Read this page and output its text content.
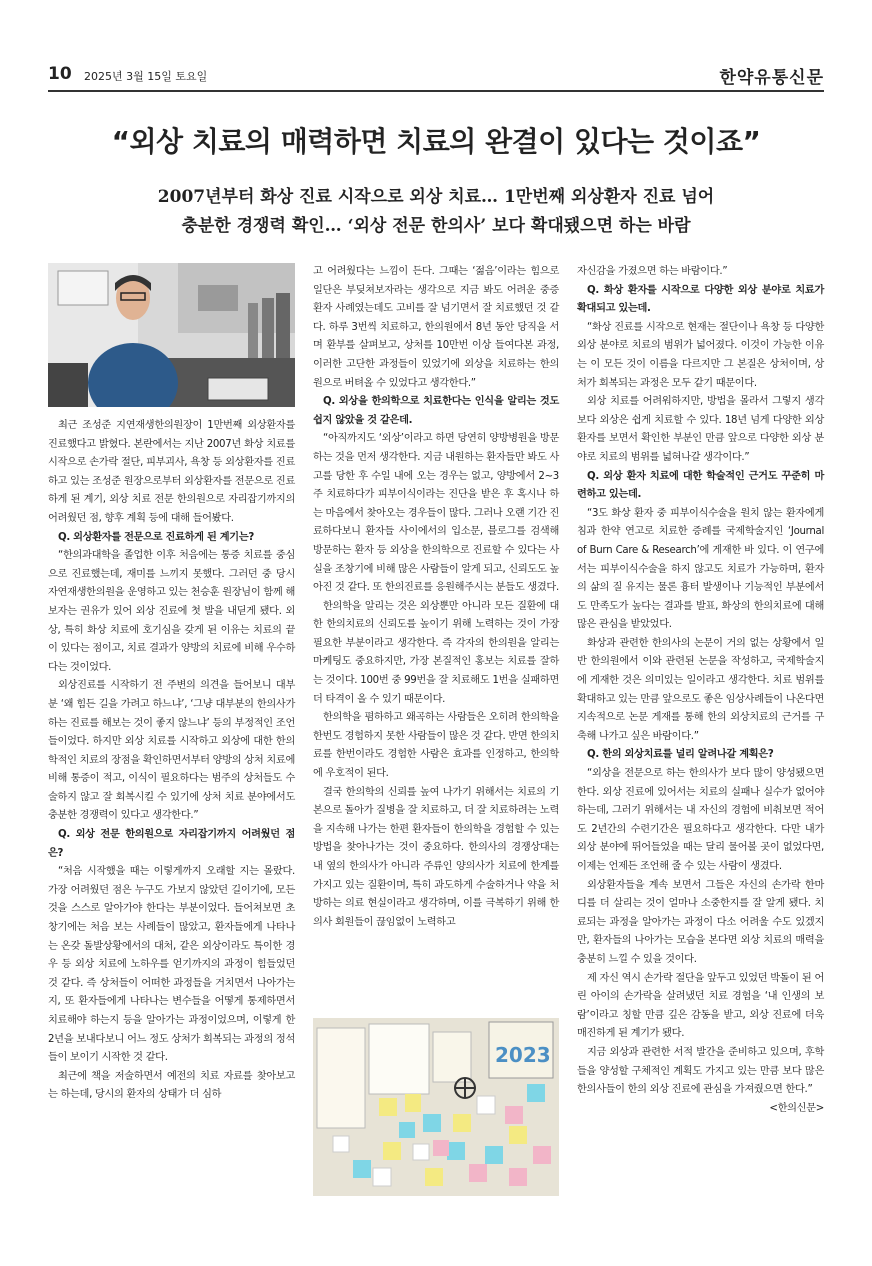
10 2025년 3월 15일 토요일	한약유통신문
“외상 치료의 매력하면 치료의 완결이 있다는 것이죠”
2007년부터 화상 진료 시작으로 외상 치료… 1만번째 외상환자 진료 넘어
충분한 경쟁력 확인… ‘외상 전문 한의사’ 보다 확대됐으면 하는 바람
2023

최근 조성준 지연재생한의원장이 1만번째 외상환자를 진료했다고 밝혔다. 본란에서는 지난 2007년 화상 치료를 시작으로 손가락 절단, 피부괴사, 욕창 등 외상환자를 진료하고 있는 조성준 원장으로부터 외상환자를 전문으로 진료하게 된 계기, 외상 치료 전문 한의원으로 자리잡기까지의 어려웠던 점, 향후 계획 등에 대해 들어봤다.

Q. 외상환자를 전문으로 진료하게 된 계기는?

“한의과대학을 졸업한 이후 처음에는 통증 치료를 중심으로 진료했는데, 재미를 느끼지 못했다. 그러던 중 당시 자연재생한의원을 운영하고 있는 천승훈 원장님이 함께 해보자는 권유가 있어 외상 진료에 첫 발을 내딛게 됐다. 외상, 특히 화상 치료에 호기심을 갖게 된 이유는 치료의 끝이 있다는 점이고, 치료 결과가 양방의 치료에 비해 우수하다는 것이었다.

외상진료를 시작하기 전 주변의 의견을 들어보니 대부분 ‘왜 힘든 길을 가려고 하느냐’, ‘그냥 대부분의 한의사가 하는 진료를 해보는 것이 좋지 않느냐’ 등의 부정적인 조언들이었다. 하지만 외상 치료를 시작하고 외상에 대한 한의학적인 치료의 장점을 확인하면서부터 양방의 상처 치료에 비해 통증이 적고, 이식이 필요하다는 범주의 상처들도 수술하지 않고 잘 회복시킬 수 있기에 상처 치료 분야에서도 충분한 경쟁력이 있다고 생각한다.”

Q. 외상 전문 한의원으로 자리잡기까지 어려웠던 점은?

“처음 시작했을 때는 이렇게까지 오래할 지는 몰랐다. 가장 어려웠던 점은 누구도 가보지 않았던 길이기에, 모든 것을 스스로 알아가야 한다는 부분이었다. 들어쳐보면 초창기에는 처음 보는 사례들이 많았고, 환자들에게 나타나는 온갖 돌발상황에서의 대처, 같은 외상이라도 특이한 경우 등 외상 치료에 노하우를 얻기까지의 과정이 힘들었던 것 같다. 즉 상처들이 어떠한 과정들을 거치면서 나아가는지, 또 환자들에게 나타나는 변수들을 어떻게 통제하면서 치료해야 하는지 등을 알아가는 과정이었으며, 이렇게 한 2년을 보내다보니 어느 정도 상처가 회복되는 과정의 정석들이 보이기 시작한 것 같다.

최근에 책을 저술하면서 예전의 치료 자료를 찾아보고는 하는데, 당시의 환자의 상태가 더 심하

고 어려웠다는 느낌이 든다. 그때는 ‘젊음’이라는 힘으로 일단은 부딪쳐보자라는 생각으로 지금 봐도 어려운 중증 환자 사례였는데도 고비를 잘 넘기면서 잘 치료했던 것 같다. 하루 3번씩 치료하고, 한의원에서 8년 동안 당직을 서며 환부를 살펴보고, 상처를 10만번 이상 들여다본 과정, 이러한 고단한 과정들이 있었기에 외상을 치료하는 한의원으로 버텨올 수 있었다고 생각한다.”

Q. 외상을 한의학으로 치료한다는 인식을 알리는 것도 쉽지 않았을 것 같은데.

“아직까지도 ‘외상’이라고 하면 당연히 양방병원을 방문하는 것을 먼저 생각한다. 지금 내원하는 환자들만 봐도 사고를 당한 후 수일 내에 오는 경우는 없고, 양방에서 2~3주 치료하다가 피부이식이라는 진단을 받은 후 혹시나 하는 마음에서 찾아오는 경우들이 많다. 그러나 오랜 기간 진료하다보니 환자들 사이에서의 입소문, 블로그를 검색해 방문하는 환자 등 외상을 한의학으로 진료할 수 있다는 사실을 조창기에 비해 많은 사람들이 알게 되고, 신뢰도도 높아진 것 같다. 또 한의진료를 응원해주시는 분들도 생겼다.

한의학을 알리는 것은 외상뿐만 아니라 모든 질환에 대한 한의치료의 신뢰도를 높이기 위해 노력하는 것이 가장 필요한 부분이라고 생각한다. 즉 각자의 한의원을 알리는 마케팅도 중요하지만, 가장 본질적인 홍보는 치료를 잘하는 것이다. 100번 중 99번을 잘 치료해도 1번을 실패하면 더 타격이 올 수 있기 때문이다.

한의학을 폄하하고 왜곡하는 사람들은 오히려 한의학을 한번도 경험하지 못한 사람들이 많은 것 같다. 반면 한의치료를 한번이라도 경험한 사람은 효과를 인정하고, 한의학에 우호적이 된다.

결국 한의학의 신뢰를 높여 나가기 위해서는 치료의 기본으로 돌아가 질병을 잘 치료하고, 더 잘 치료하려는 노력을 지속해 나가는 한편 환자들이 한의학을 경험할 수 있는 방법을 찾아나가는 것이 중요하다. 한의사의 경쟁상대는 내 옆의 한의사가 아니라 주류인 양의사가 치료에 한계를 가지고 있는 질환이며, 특히 과도하게 수술하거나 약을 처방하는 의료 현실이라고 생각하며, 이를 극복하기 위해 한의사 회원들이 끊임없이 노력하고

자신감을 가졌으면 하는 바람이다.”

Q. 화상 환자를 시작으로 다양한 외상 분야로 치료가 확대되고 있는데.

“화상 진료를 시작으로 현재는 절단이나 욕창 등 다양한 외상 분야로 치료의 범위가 넓어졌다. 이것이 가능한 이유는 이 모든 것이 이름을 다르지만 그 본질은 상처이며, 상처가 회복되는 과정은 모두 같기 때문이다.

외상 치료를 어려워하지만, 방법을 몰라서 그렇지 생각보다 외상은 쉽게 치료할 수 있다. 18년 넘게 다양한 외상환자를 보면서 확인한 부분인 만큼 앞으로 다양한 외상 분야로 치료의 범위를 넓혀나갈 생각이다.”

Q. 외상 환자 치료에 대한 학술적인 근거도 꾸준히 마련하고 있는데.

“3도 화상 환자 중 피부이식수술을 원치 않는 환자에게 침과 한약 연고로 치료한 증례를 국제학술지인 ‘Journal of Burn Care & Research’에 게재한 바 있다. 이 연구에서는 피부이식수술을 하지 않고도 치료가 가능하며, 환자의 삶의 질 유지는 물론 흉터 발생이나 기능적인 부분에서도 만족도가 높다는 결과를 발표, 화상의 한의치료에 대해 많은 관심을 받았었다.

화상과 관련한 한의사의 논문이 거의 없는 상황에서 일반 한의원에서 이와 관련된 논문을 작성하고, 국제학술지에 게재한 것은 의미있는 일이라고 생각한다. 치료 범위를 확대하고 있는 만큼 앞으로도 좋은 임상사례들이 나온다면 지속적으로 논문 게재를 통해 한의 외상치료의 근거를 구축해 나가고 싶은 바람이다.”

Q. 한의 외상치료를 널리 알려나갈 계획은?

“외상을 전문으로 하는 한의사가 보다 많이 양성됐으면 한다. 외상 진료에 있어서는 치료의 실패나 실수가 없어야 하는데, 그러기 위해서는 내 자신의 경험에 비춰보면 적어도 2년간의 수련기간은 필요하다고 생각한다. 다만 내가 외상 분야에 뛰어들었을 때는 달리 물어볼 곳이 없었다면, 이제는 언제든 조언해 줄 수 있는 사람이 생겼다.

외상환자들을 계속 보면서 그들은 자신의 손가락 한마디를 더 살리는 것이 얼마나 소중한지를 잘 알게 됐다. 치료되는 과정을 알아가는 과정이 다소 어려울 수도 있겠지만, 환자들의 나아가는 모습을 본다면 외상 치료의 매력을 충분히 느낄 수 있을 것이다.

제 자신 역시 손가락 절단을 앞두고 있었던 박돌이 된 어린 아이의 손가락을 살려냈던 치료 경험을 ‘내 인생의 보람’이라고 칭할 만큼 깊은 감동을 받고, 외상 진료에 더욱 매진하게 된 계기가 됐다.

지금 외상과 관련한 서적 발간을 준비하고 있으며, 후학들을 양성할 구체적인 계획도 가지고 있는 만큼 보다 많은 한의사들이 한의 외상 진료에 관심을 가져줬으면 한다.”

<한의신문>
